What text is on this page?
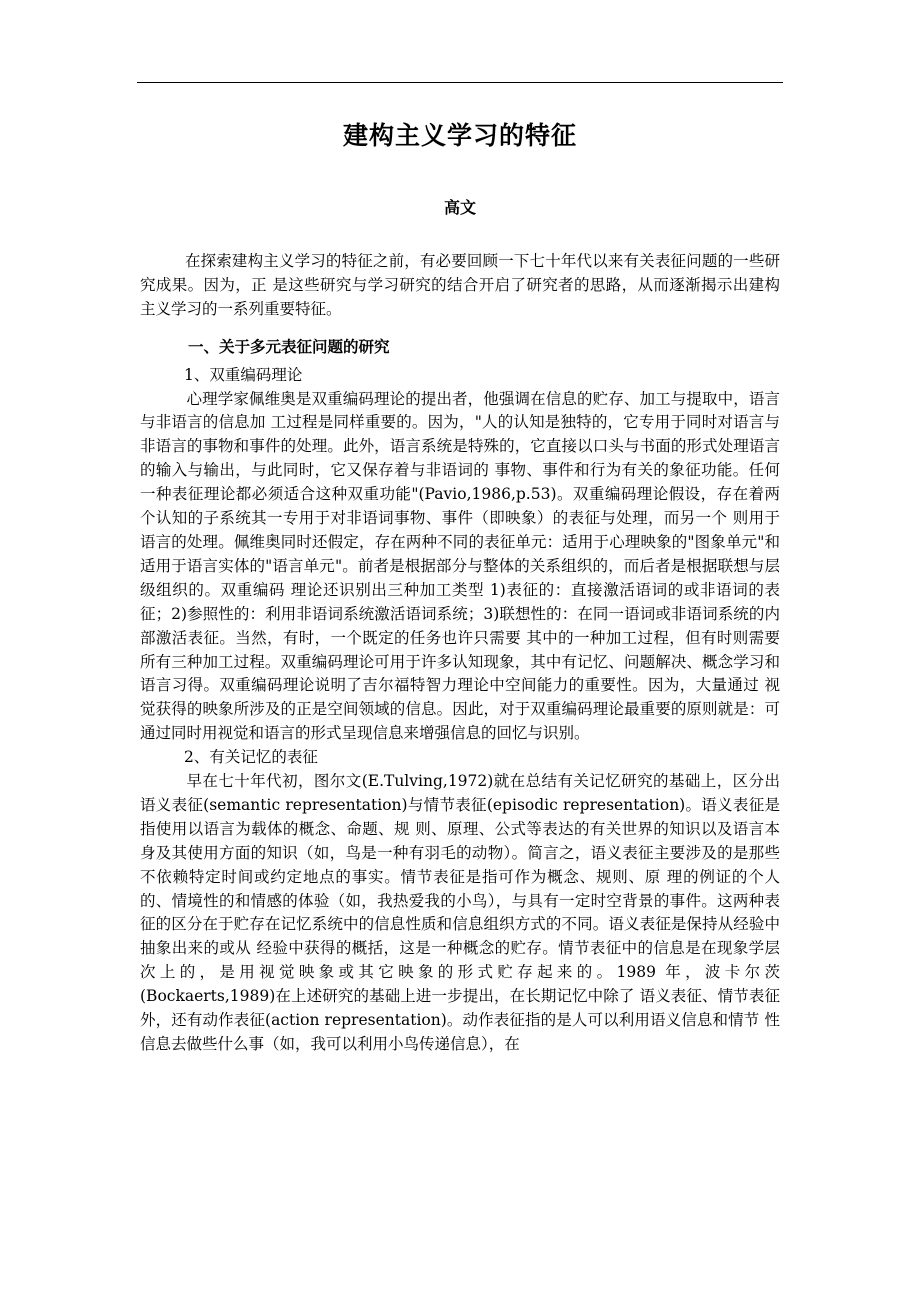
建构主义学习的特征
高文

在探索建构主义学习的特征之前，有必要回顾一下七十年代以来有关表征问题的一些研究成果。因为，正 是这些研究与学习研究的结合开启了研究者的思路，从而逐渐揭示出建构主义学习的一系列重要特征。

一、关于多元表征问题的研究

1、双重编码理论

心理学家佩维奥是双重编码理论的提出者，他强调在信息的贮存、加工与提取中，语言与非语言的信息加 工过程是同样重要的。因为，"人的认知是独特的，它专用于同时对语言与非语言的事物和事件的处理。此外，语言系统是特殊的，它直接以口头与书面的形式处理语言的输入与输出，与此同时，它又保存着与非语词的 事物、事件和行为有关的象征功能。任何一种表征理论都必须适合这种双重功能"(Pavio,1986,p.53)。双重编码理论假设，存在着两个认知的子系统其一专用于对非语词事物、事件（即映象）的表征与处理，而另一个 则用于语言的处理。佩维奥同时还假定，存在两种不同的表征单元：适用于心理映象的"图象单元"和适用于语言实体的"语言单元"。前者是根据部分与整体的关系组织的，而后者是根据联想与层级组织的。双重编码 理论还识别出三种加工类型 1)表征的：直接激活语词的或非语词的表征；2)参照性的：利用非语词系统激活语词系统；3)联想性的：在同一语词或非语词系统的内部激活表征。当然，有时，一个既定的任务也许只需要 其中的一种加工过程，但有时则需要所有三种加工过程。双重编码理论可用于许多认知现象，其中有记忆、问题解决、概念学习和语言习得。双重编码理论说明了吉尔福特智力理论中空间能力的重要性。因为，大量通过 视觉获得的映象所涉及的正是空间领域的信息。因此，对于双重编码理论最重要的原则就是：可通过同时用视觉和语言的形式呈现信息来增强信息的回忆与识别。

2、有关记忆的表征

早在七十年代初，图尔文(E.Tulving,1972)就在总结有关记忆研究的基础上，区分出语义表征(semantic representation)与情节表征(episodic representation)。语义表征是指使用以语言为载体的概念、命题、规 则、原理、公式等表达的有关世界的知识以及语言本身及其使用方面的知识（如，鸟是一种有羽毛的动物）。简言之，语义表征主要涉及的是那些不依赖特定时间或约定地点的事实。情节表征是指可作为概念、规则、原 理的例证的个人的、情境性的和情感的体验（如，我热爱我的小鸟），与具有一定时空背景的事件。这两种表征的区分在于贮存在记忆系统中的信息性质和信息组织方式的不同。语义表征是保持从经验中抽象出来的或从 经验中获得的概括，这是一种概念的贮存。情节表征中的信息是在现象学层次上的，是用视觉映象或其它映象的形式贮存起来的。1989 年，波卡尔茨(Bockaerts,1989)在上述研究的基础上进一步提出，在长期记忆中除了 语义表征、情节表征外，还有动作表征(action representation)。动作表征指的是人可以利用语义信息和情节 性信息去做些什么事（如，我可以利用小鸟传递信息），在
